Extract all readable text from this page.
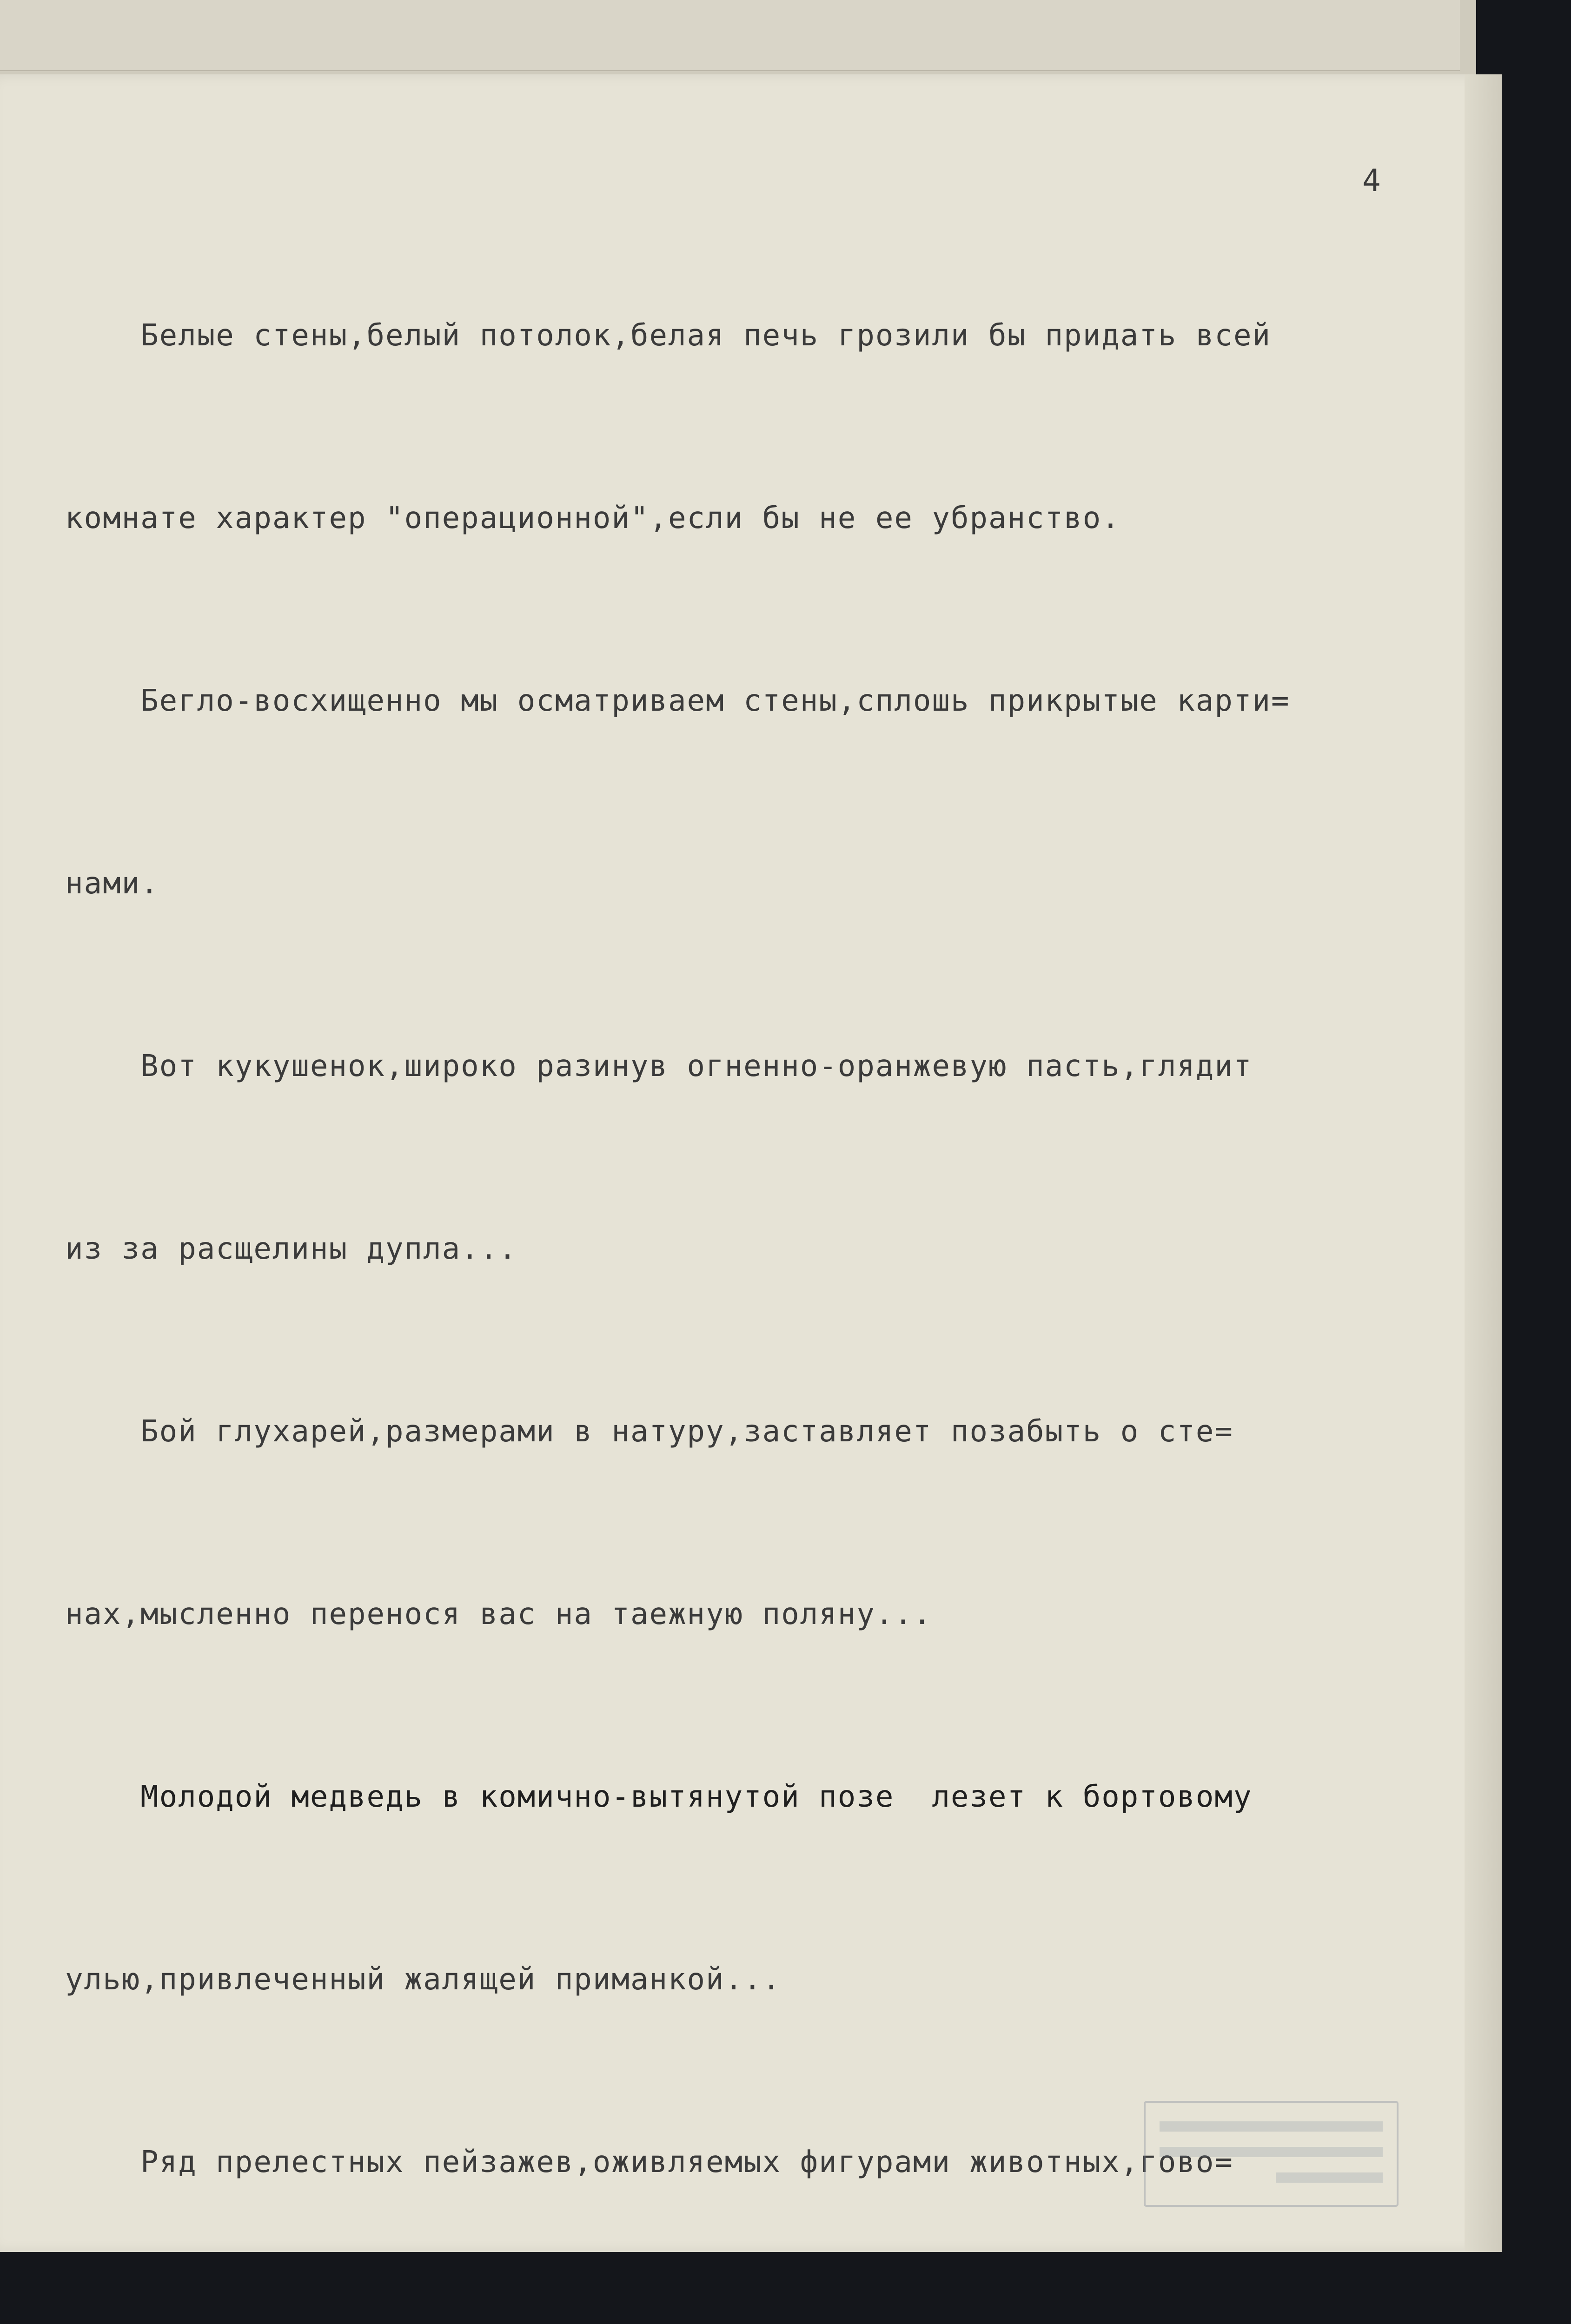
4

Белые стены,белый потолок,белая печь грозили бы придать всей

комнате характер "операционной",если бы не ее убранство.

Бегло-восхищенно мы осматриваем стены,сплошь прикрытые карти=

нами.

Вот кукушенок,широко разинув огненно-оранжевую пасть,глядит

из за расщелины дупла...

Бой глухарей,размерами в натуру,заставляет позабыть о сте=

нах,мысленно перенося вас на таежную поляну...

Молодой медведь в комично-вытянутой позе  лезет к бортовому

улью,привлеченный жалящей приманкой...

Ряд прелестных пейзажев,оживляемых фигурами животных,гово=
